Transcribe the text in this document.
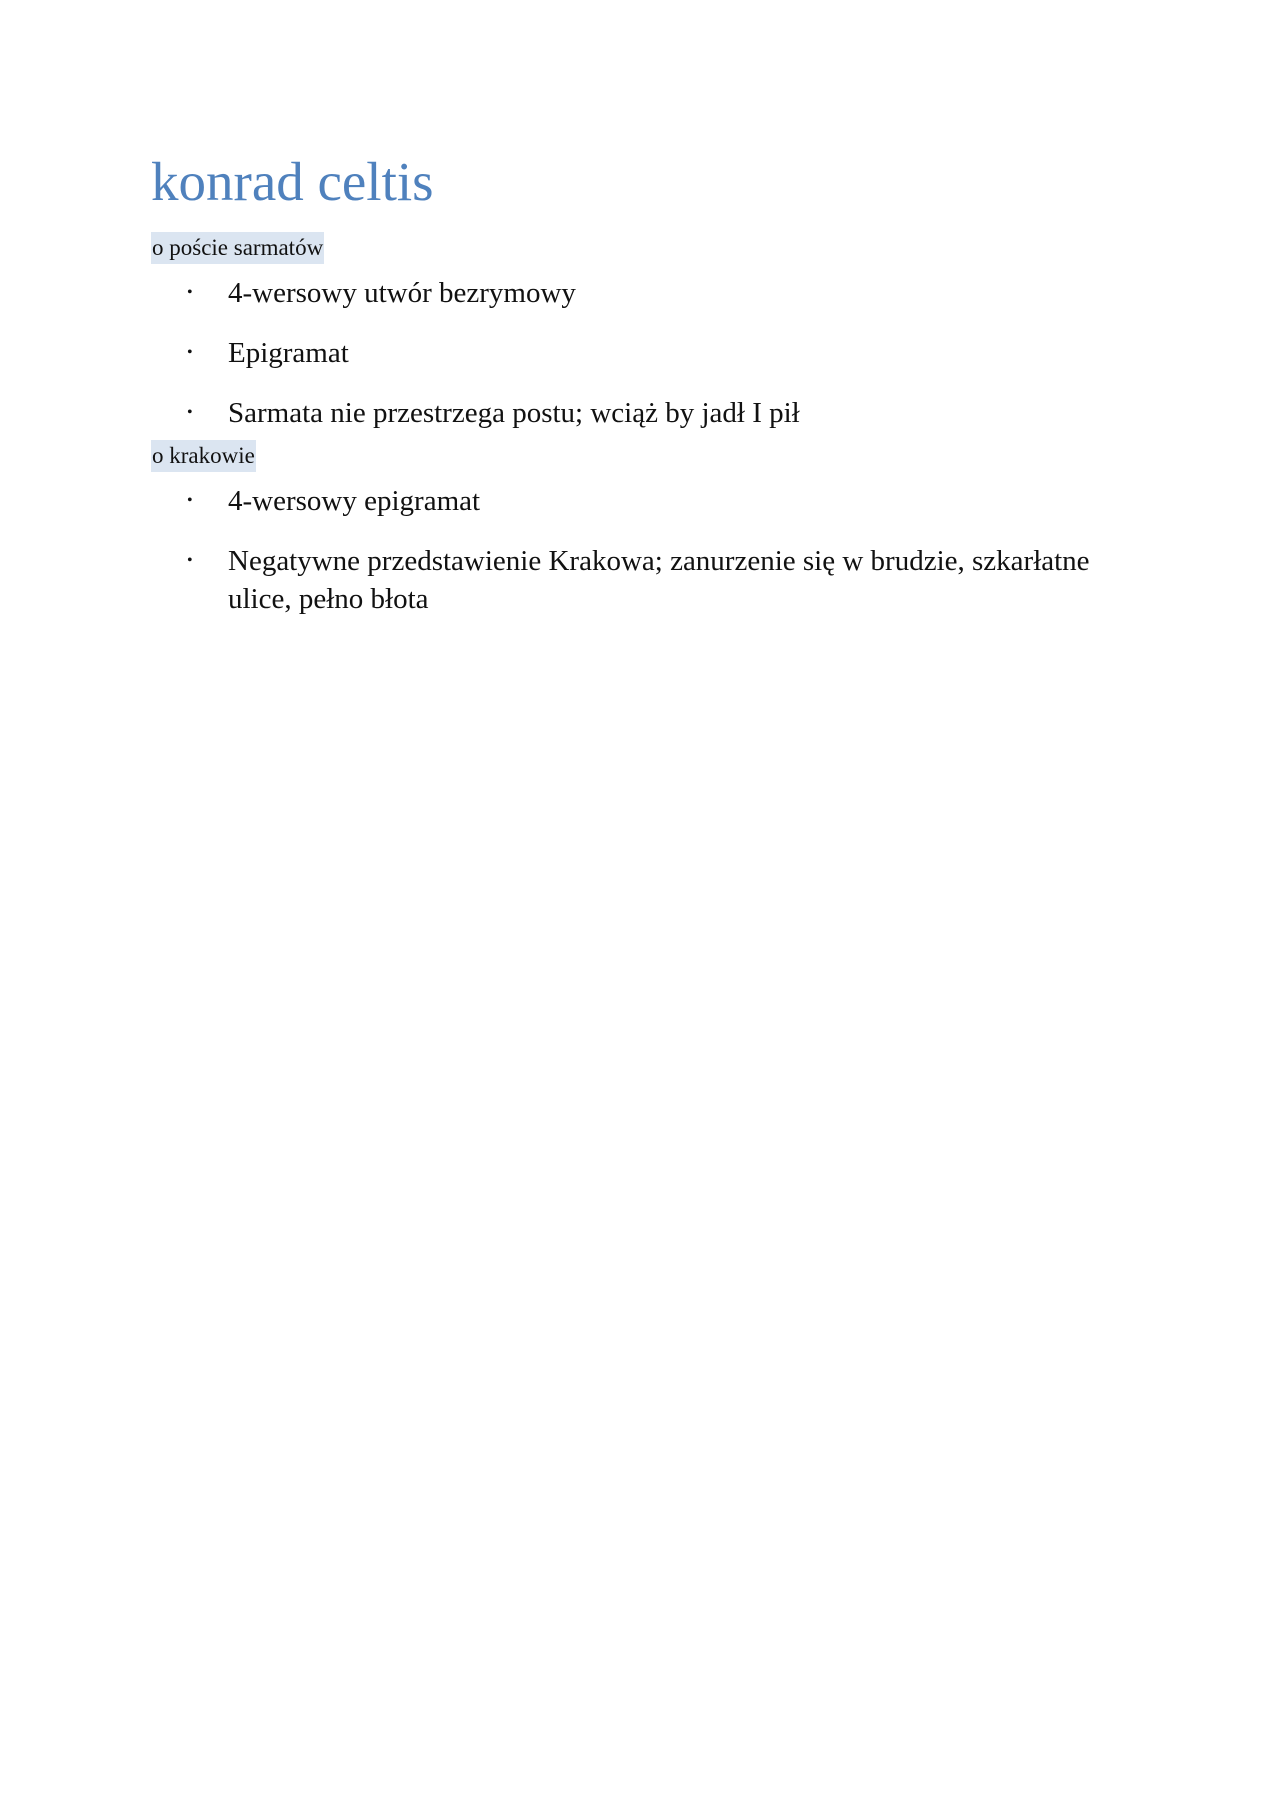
konrad celtis
o poście sarmatów
• 4-wersowy utwór bezrymowy
• Epigramat
• Sarmata nie przestrzega postu; wciąż by jadł I pił
o krakowie
• 4-wersowy epigramat
• Negatywne przedstawienie Krakowa; zanurzenie się w brudzie, szkarłatne ulice, pełno błota
